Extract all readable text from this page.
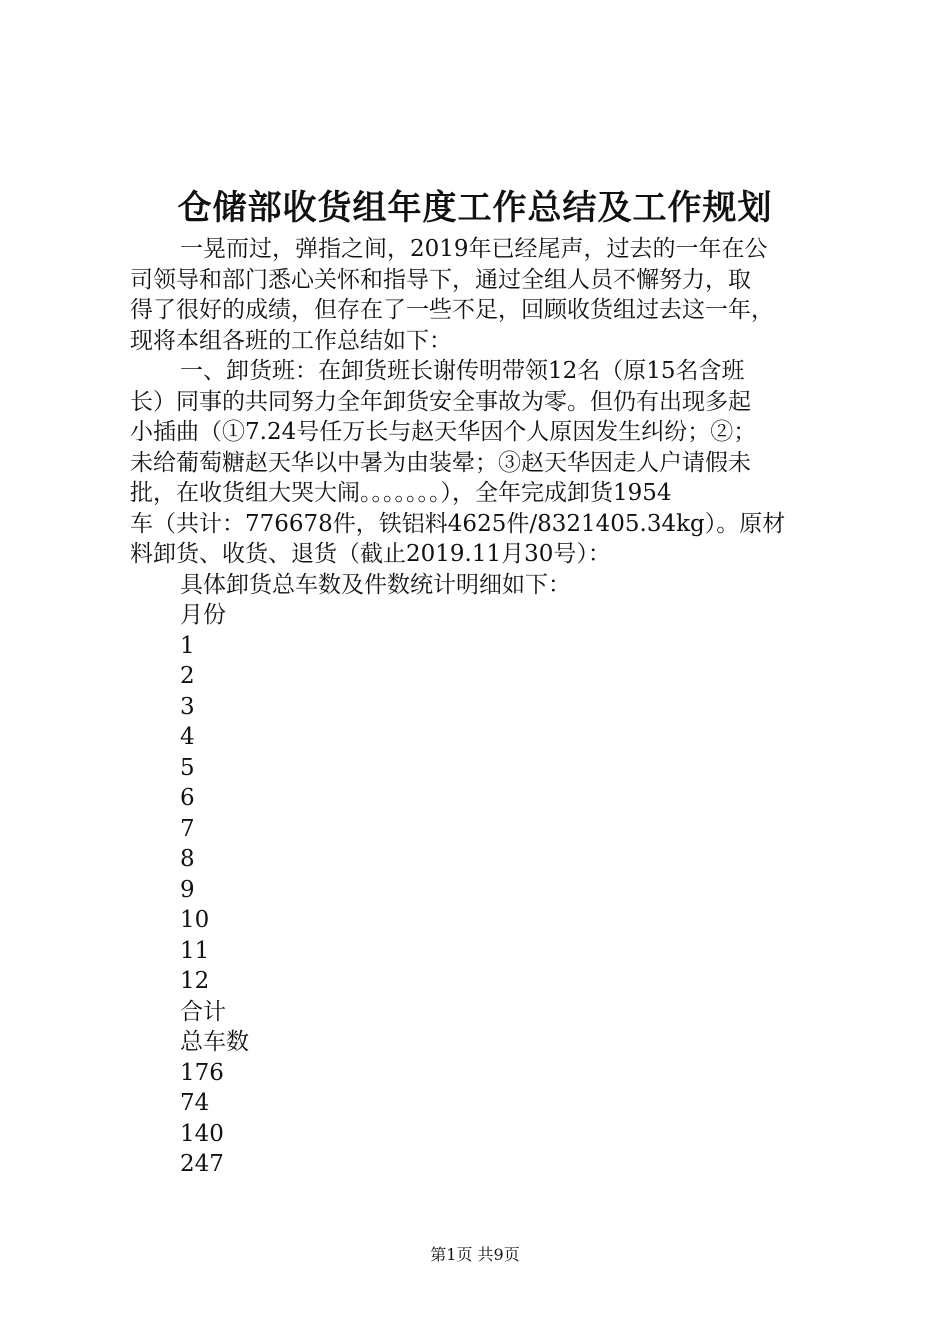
仓储部收货组年度工作总结及工作规划
一晃而过，弹指之间，2019年已经尾声，过去的一年在公
司领导和部门悉心关怀和指导下，通过全组人员不懈努力，取
得了很好的成绩，但存在了一些不足，回顾收货组过去这一年，
现将本组各班的工作总结如下：
一、卸货班：在卸货班长谢传明带领12名（原15名含班
长）同事的共同努力全年卸货安全事故为零。但仍有出现多起
小插曲（①7.24号任万长与赵天华因个人原因发生纠纷；②；
未给葡萄糖赵天华以中暑为由装晕；③赵天华因走人户请假未
批，在收货组大哭大闹。。。。。。。），全年完成卸货1954
车（共计：776678件，铁铝料4625件/8321405.34kg）。原材
料卸货、收货、退货（截止2019.11月30号）：
具体卸货总车数及件数统计明细如下：
月份
1
2
3
4
5
6
7
8
9
10
11
12
合计
总车数
176
74
140
247
第1页 共9页
